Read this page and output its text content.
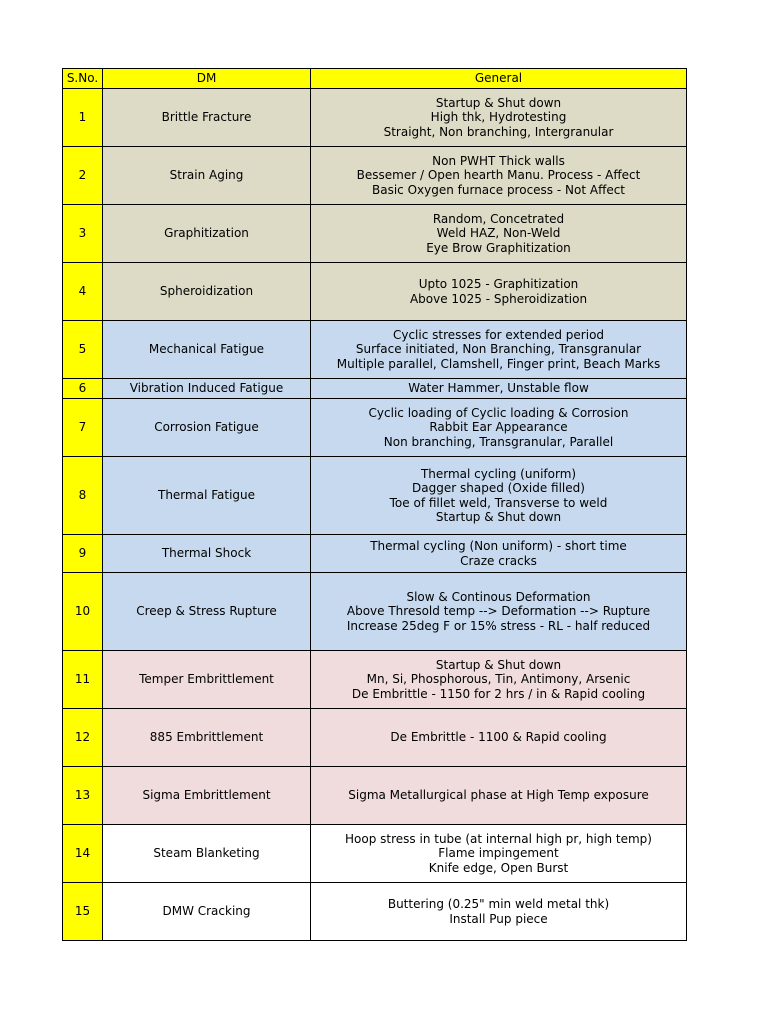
S.No.	DM	General
1	Brittle Fracture	Startup & Shut down
High thk, Hydrotesting
Straight, Non branching, Intergranular

2	Strain Aging	Non PWHT Thick walls
Bessemer / Open hearth Manu. Process - Affect
Basic Oxygen furnace process - Not Affect

3	Graphitization	Random, Concetrated
Weld HAZ, Non-Weld
Eye Brow Graphitization

4	Spheroidization	Upto 1025 - Graphitization
Above 1025 - Spheroidization

5	Mechanical Fatigue	Cyclic stresses for extended period
Surface initiated, Non Branching, Transgranular
Multiple parallel, Clamshell, Finger print, Beach Marks

6	Vibration Induced Fatigue	Water Hammer, Unstable flow

7	Corrosion Fatigue	Cyclic loading of Cyclic loading & Corrosion
Rabbit Ear Appearance
Non branching, Transgranular, Parallel

8	Thermal Fatigue	Thermal cycling (uniform)
Dagger shaped (Oxide filled)
Toe of fillet weld, Transverse to weld
Startup & Shut down

9	Thermal Shock	Thermal cycling (Non uniform) - short time
Craze cracks

10	Creep & Stress Rupture	Slow & Continous Deformation
Above Thresold temp --> Deformation --> Rupture
Increase 25deg F or 15% stress - RL - half reduced

11	Temper Embrittlement	Startup & Shut down
Mn, Si, Phosphorous, Tin, Antimony, Arsenic
De Embrittle - 1150 for 2 hrs / in & Rapid cooling

12	885 Embrittlement	De Embrittle - 1100 & Rapid cooling

13	Sigma Embrittlement	Sigma Metallurgical phase at High Temp exposure

14	Steam Blanketing	Hoop stress in tube (at internal high pr, high temp)
Flame impingement
Knife edge, Open Burst

15	DMW Cracking	Buttering (0.25" min weld metal thk)
Install Pup piece
